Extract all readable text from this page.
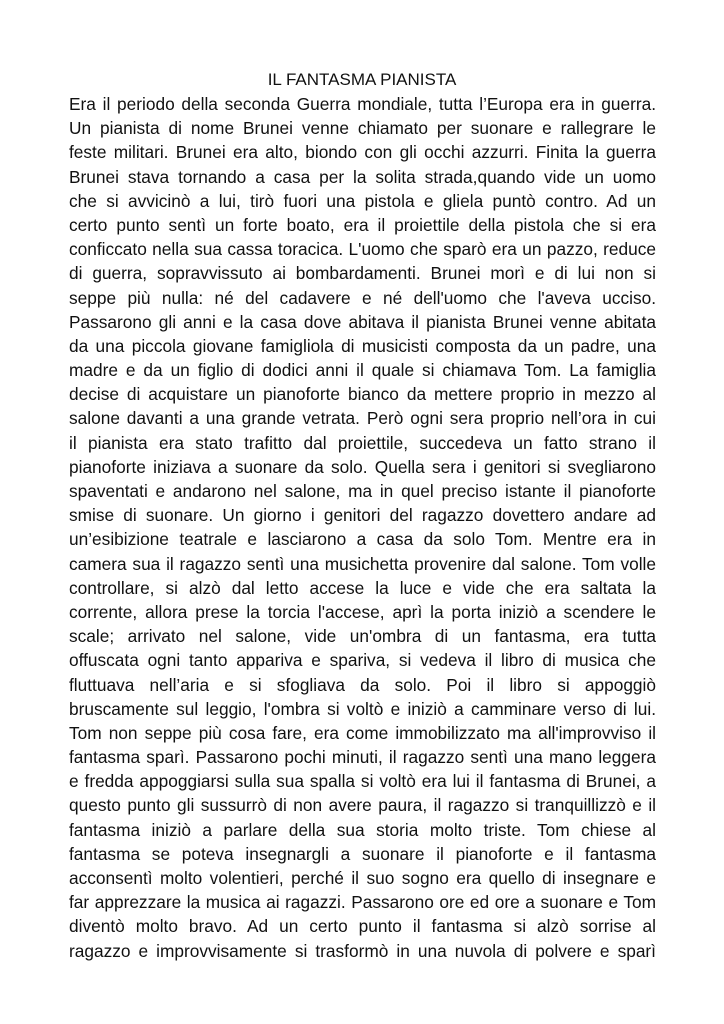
IL FANTASMA PIANISTA
Era il periodo della seconda Guerra mondiale, tutta l’Europa era in guerra.
Un pianista di nome Brunei venne chiamato per suonare e rallegrare le
feste militari. Brunei era alto, biondo con gli occhi azzurri. Finita la guerra
Brunei stava tornando a casa per la solita strada,quando vide un uomo
che si avvicinò a lui, tirò fuori una pistola e gliela puntò contro. Ad un
certo punto sentì un forte boato, era il proiettile della pistola che si era
conficcato nella sua cassa toracica. L'uomo che sparò era un pazzo, reduce
di guerra, sopravvissuto ai bombardamenti. Brunei morì e di lui non si
seppe più nulla: né del cadavere e né dell'uomo che l'aveva ucciso.
Passarono gli anni e la casa dove abitava il pianista Brunei venne abitata
da una piccola giovane famigliola di musicisti composta da un padre, una
madre e da un figlio di dodici anni il quale si chiamava Tom. La famiglia
decise di acquistare un pianoforte bianco da mettere proprio in mezzo al
salone davanti a una grande vetrata. Però ogni sera proprio nell’ora in cui
il pianista era stato trafitto dal proiettile, succedeva un fatto strano il
pianoforte iniziava a suonare da solo. Quella sera i genitori si svegliarono
spaventati e andarono nel salone, ma in quel preciso istante il pianoforte
smise di suonare. Un giorno i genitori del ragazzo dovettero andare ad
un’esibizione teatrale e lasciarono a casa da solo Tom. Mentre era in
camera sua il ragazzo sentì una musichetta provenire dal salone. Tom volle
controllare, si alzò dal letto accese la luce e vide che era saltata la
corrente, allora prese la torcia l'accese, aprì la porta iniziò a scendere le
scale; arrivato nel salone, vide un'ombra di un fantasma, era tutta
offuscata ogni tanto appariva e spariva, si vedeva il libro di musica che
fluttuava nell’aria e si sfogliava da solo. Poi il libro si appoggiò
bruscamente sul leggio, l'ombra si voltò e iniziò a camminare verso di lui.
Tom non seppe più cosa fare, era come immobilizzato ma all'improvviso il
fantasma sparì. Passarono pochi minuti, il ragazzo sentì una mano leggera
e fredda appoggiarsi sulla sua spalla si voltò era lui il fantasma di Brunei, a
questo punto gli sussurrò di non avere paura, il ragazzo si tranquillizzò e il
fantasma iniziò a parlare della sua storia molto triste. Tom chiese al
fantasma se poteva insegnargli a suonare il pianoforte e il fantasma
acconsentì molto volentieri, perché il suo sogno era quello di insegnare e
far apprezzare la musica ai ragazzi. Passarono ore ed ore a suonare e Tom
diventò molto bravo. Ad un certo punto il fantasma si alzò sorrise al
ragazzo e improvvisamente si trasformò in una nuvola di polvere e sparì
